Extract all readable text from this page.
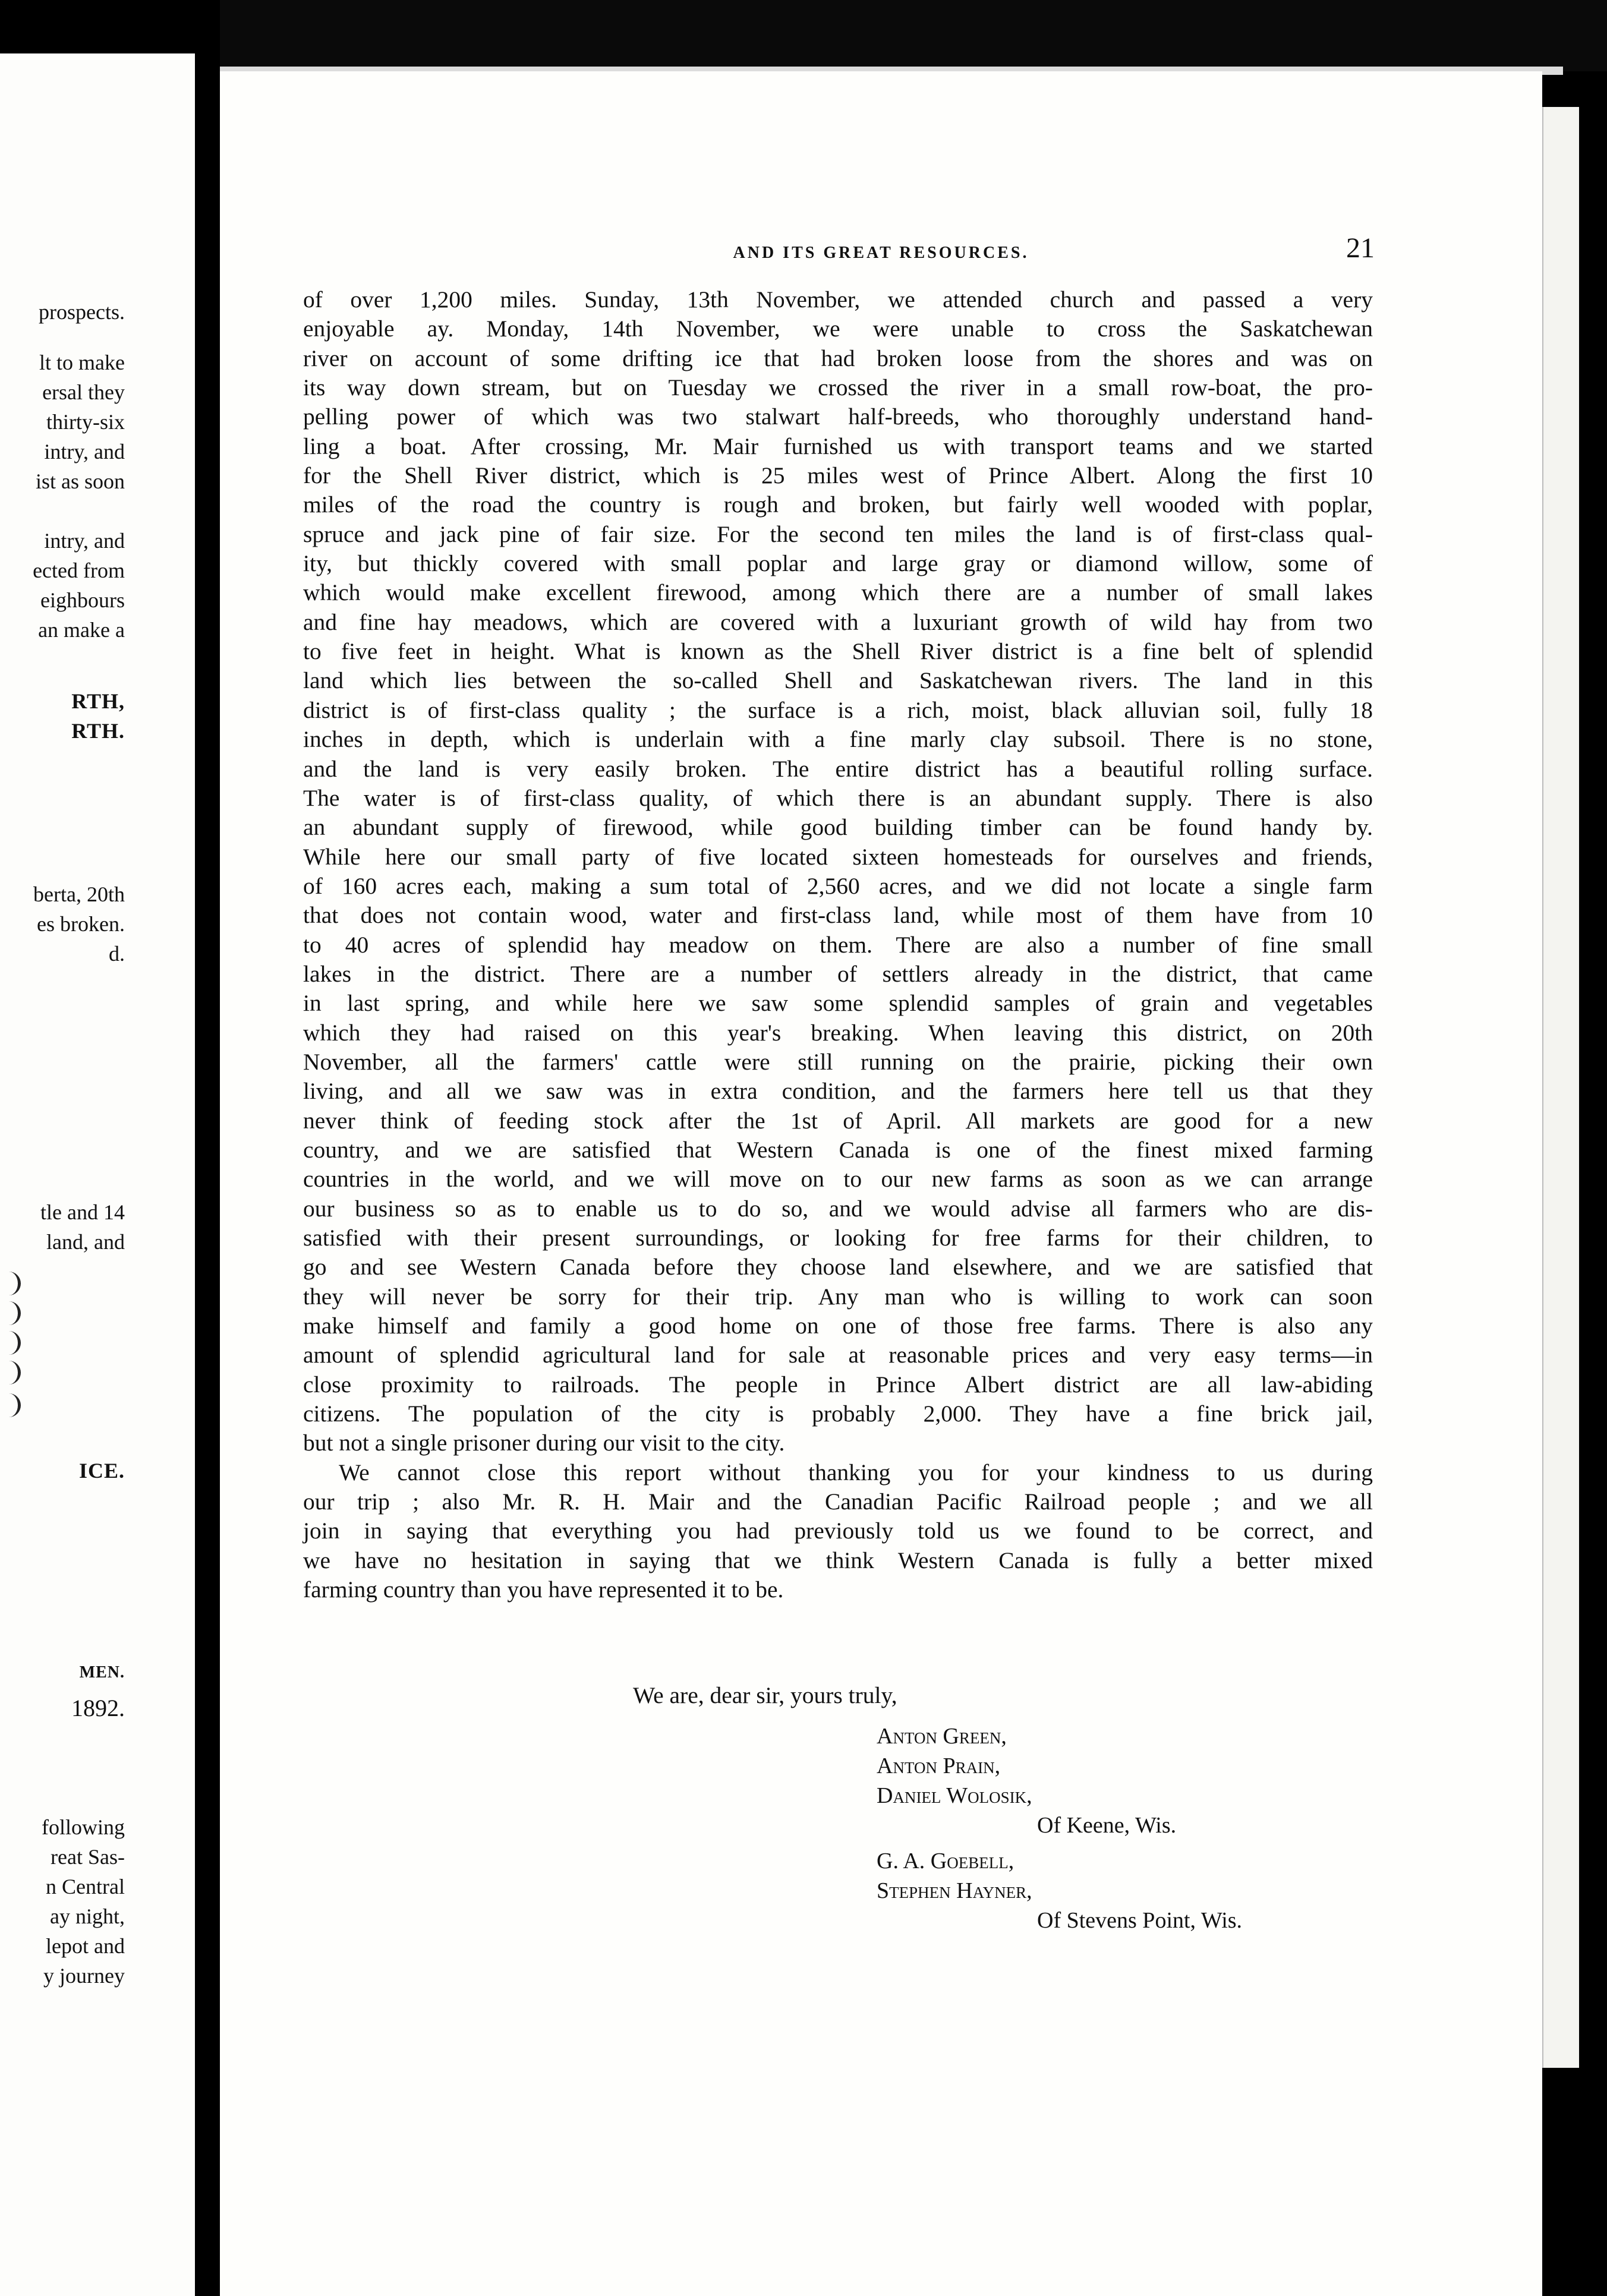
prospects.
lt to make
ersal they
thirty-six
intry, and
ist as soon
intry, and
ected from
eighbours
an make a
RTH,
RTH.
berta, 20th
es broken.
d.
tle and 14
land, and
ICE.
MEN.
1892.
following
reat Sas-
n Central
ay night,
lepot and
y journey
AND ITS GREAT RESOURCES.	21
of over 1,200 miles. Sunday, 13th November, we attended church and passed a very
enjoyable ay. Monday, 14th November, we were unable to cross the Saskatchewan
river on account of some drifting ice that had broken loose from the shores and was on
its way down stream, but on Tuesday we crossed the river in a small row-boat, the pro-
pelling power of which was two stalwart half-breeds, who thoroughly understand hand-
ling a boat. After crossing, Mr. Mair furnished us with transport teams and we started
for the Shell River district, which is 25 miles west of Prince Albert. Along the first 10
miles of the road the country is rough and broken, but fairly well wooded with poplar,
spruce and jack pine of fair size. For the second ten miles the land is of first-class qual-
ity, but thickly covered with small poplar and large gray or diamond willow, some of
which would make excellent firewood, among which there are a number of small lakes
and fine hay meadows, which are covered with a luxuriant growth of wild hay from two
to five feet in height. What is known as the Shell River district is a fine belt of splendid
land which lies between the so-called Shell and Saskatchewan rivers. The land in this
district is of first-class quality ; the surface is a rich, moist, black alluvian soil, fully 18
inches in depth, which is underlain with a fine marly clay subsoil. There is no stone,
and the land is very easily broken. The entire district has a beautiful rolling surface.
The water is of first-class quality, of which there is an abundant supply. There is also
an abundant supply of firewood, while good building timber can be found handy by.
While here our small party of five located sixteen homesteads for ourselves and friends,
of 160 acres each, making a sum total of 2,560 acres, and we did not locate a single farm
that does not contain wood, water and first-class land, while most of them have from 10
to 40 acres of splendid hay meadow on them. There are also a number of fine small
lakes in the district. There are a number of settlers already in the district, that came
in last spring, and while here we saw some splendid samples of grain and vegetables
which they had raised on this year's breaking. When leaving this district, on 20th
November, all the farmers' cattle were still running on the prairie, picking their own
living, and all we saw was in extra condition, and the farmers here tell us that they
never think of feeding stock after the 1st of April. All markets are good for a new
country, and we are satisfied that Western Canada is one of the finest mixed farming
countries in the world, and we will move on to our new farms as soon as we can arrange
our business so as to enable us to do so, and we would advise all farmers who are dis-
satisfied with their present surroundings, or looking for free farms for their children, to
go and see Western Canada before they choose land elsewhere, and we are satisfied that
they will never be sorry for their trip. Any man who is willing to work can soon
make himself and family a good home on one of those free farms. There is also any
amount of splendid agricultural land for sale at reasonable prices and very easy terms—in
close proximity to railroads. The people in Prince Albert district are all law-abiding
citizens. The population of the city is probably 2,000. They have a fine brick jail,
but not a single prisoner during our visit to the city.
We cannot close this report without thanking you for your kindness to us during
our trip ; also Mr. R. H. Mair and the Canadian Pacific Railroad people ; and we all
join in saying that everything you had previously told us we found to be correct, and
we have no hesitation in saying that we think Western Canada is fully a better mixed
farming country than you have represented it to be.
We are, dear sir, yours truly,
Anton Green,
Anton Prain,
Daniel Wolosik,
Of Keene, Wis.
G. A. Goebell,
Stephen Hayner,
Of Stevens Point, Wis.
